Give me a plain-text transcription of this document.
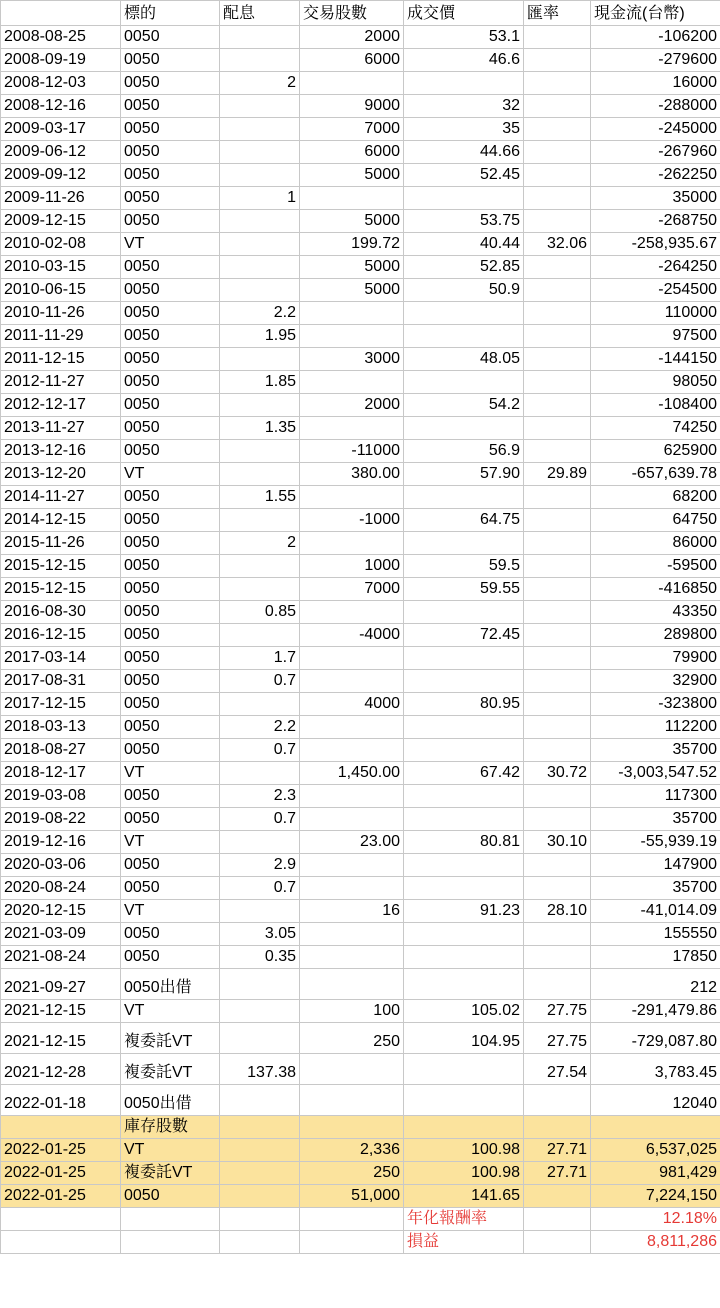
	標的	配息	交易股數	成交價	匯率	現金流(台幣)
2008-08-25	0050		2000	53.1		-106200
2008-09-19	0050		6000	46.6		-279600
2008-12-03	0050	2				16000
2008-12-16	0050		9000	32		-288000
2009-03-17	0050		7000	35		-245000
2009-06-12	0050		6000	44.66		-267960
2009-09-12	0050		5000	52.45		-262250
2009-11-26	0050	1				35000
2009-12-15	0050		5000	53.75		-268750
2010-02-08	VT		199.72	40.44	32.06	-258,935.67
2010-03-15	0050		5000	52.85		-264250
2010-06-15	0050		5000	50.9		-254500
2010-11-26	0050	2.2				110000
2011-11-29	0050	1.95				97500
2011-12-15	0050		3000	48.05		-144150
2012-11-27	0050	1.85				98050
2012-12-17	0050		2000	54.2		-108400
2013-11-27	0050	1.35				74250
2013-12-16	0050		-11000	56.9		625900
2013-12-20	VT		380.00	57.90	29.89	-657,639.78
2014-11-27	0050	1.55				68200
2014-12-15	0050		-1000	64.75		64750
2015-11-26	0050	2				86000
2015-12-15	0050		1000	59.5		-59500
2015-12-15	0050		7000	59.55		-416850
2016-08-30	0050	0.85				43350
2016-12-15	0050		-4000	72.45		289800
2017-03-14	0050	1.7				79900
2017-08-31	0050	0.7				32900
2017-12-15	0050		4000	80.95		-323800
2018-03-13	0050	2.2				112200
2018-08-27	0050	0.7				35700
2018-12-17	VT		1,450.00	67.42	30.72	-3,003,547.52
2019-03-08	0050	2.3				117300
2019-08-22	0050	0.7				35700
2019-12-16	VT		23.00	80.81	30.10	-55,939.19
2020-03-06	0050	2.9				147900
2020-08-24	0050	0.7				35700
2020-12-15	VT		16	91.23	28.10	-41,014.09
2021-03-09	0050	3.05				155550
2021-08-24	0050	0.35				17850
2021-09-27	0050出借					212
2021-12-15	VT		100	105.02	27.75	-291,479.86
2021-12-15	複委託VT		250	104.95	27.75	-729,087.80
2021-12-28	複委託VT	137.38			27.54	3,783.45
2022-01-18	0050出借					12040
	庫存股數					
2022-01-25	VT		2,336	100.98	27.71	6,537,025
2022-01-25	複委託VT		250	100.98	27.71	981,429
2022-01-25	0050		51,000	141.65		7,224,150
				年化報酬率		12.18%
				損益		8,811,286
